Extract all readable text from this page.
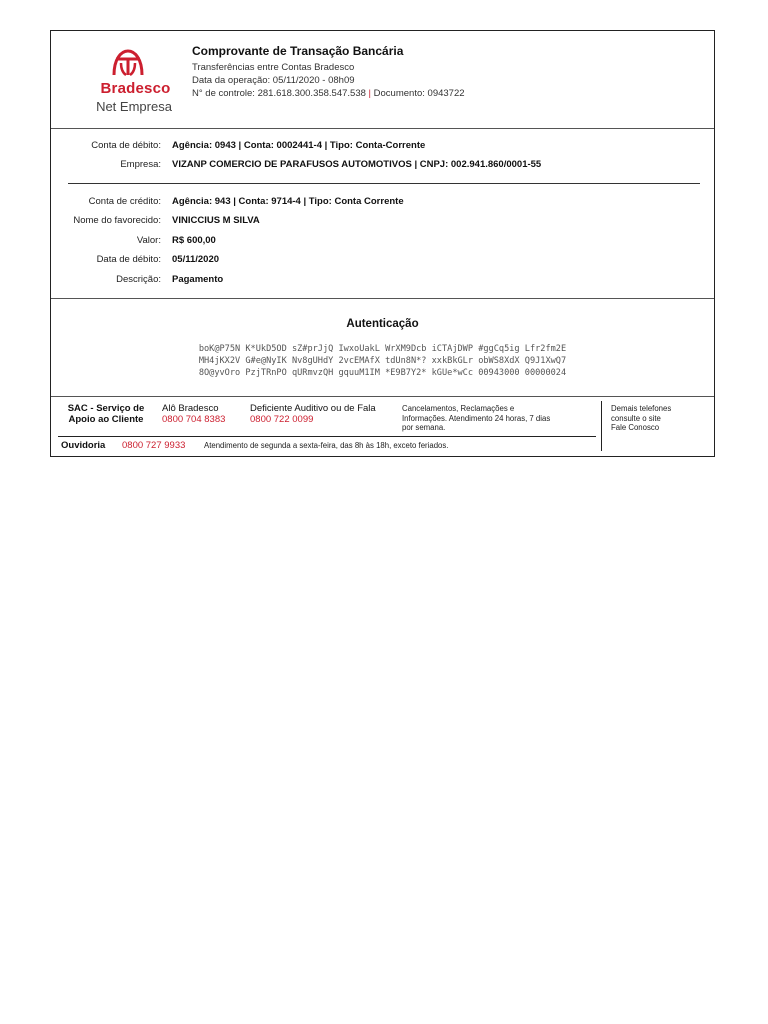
Bradesco
Net Empresa
Comprovante de Transação Bancária
Transferências entre Contas Bradesco
Data da operação: 05/11/2020 - 08h09
N° de controle: 281.618.300.358.547.538 | Documento: 0943722
Conta de débito: Agência: 0943 | Conta: 0002441-4 | Tipo: Conta-Corrente
Empresa: VIZANP COMERCIO DE PARAFUSOS AUTOMOTIVOS | CNPJ: 002.941.860/0001-55
Conta de crédito: Agência: 943 | Conta: 9714-4 | Tipo: Conta Corrente
Nome do favorecido: VINICCIUS M SILVA
Valor: R$ 600,00
Data de débito: 05/11/2020
Descrição: Pagamento
Autenticação
boK@P75N K*UkD5OD sZ#prJjQ IwxoUakL WrXM9Dcb iCTAjDWP #ggCq5ig Lfr2fm2E
MH4jKX2V G#e@NyIK Nv8gUHdY 2vcEMAfX tdUn8N*? xxkBkGLr obWS8XdX Q9J1XwQ7
8O@yvOro PzjTRnPO qURmvzQH gquuM1IM *E9B7Y2* kGUe*wCc 00943000 00000024
SAC - Serviço de
Apoio ao Cliente
Alô Bradesco
0800 704 8383
Deficiente Auditivo ou de Fala
0800 722 0099
Cancelamentos, Reclamações e
Informações. Atendimento 24 horas, 7 dias
por semana.
Demais telefones
consulte o site
Fale Conosco
Ouvidoria 0800 727 9933 Atendimento de segunda a sexta-feira, das 8h às 18h, exceto feriados.
